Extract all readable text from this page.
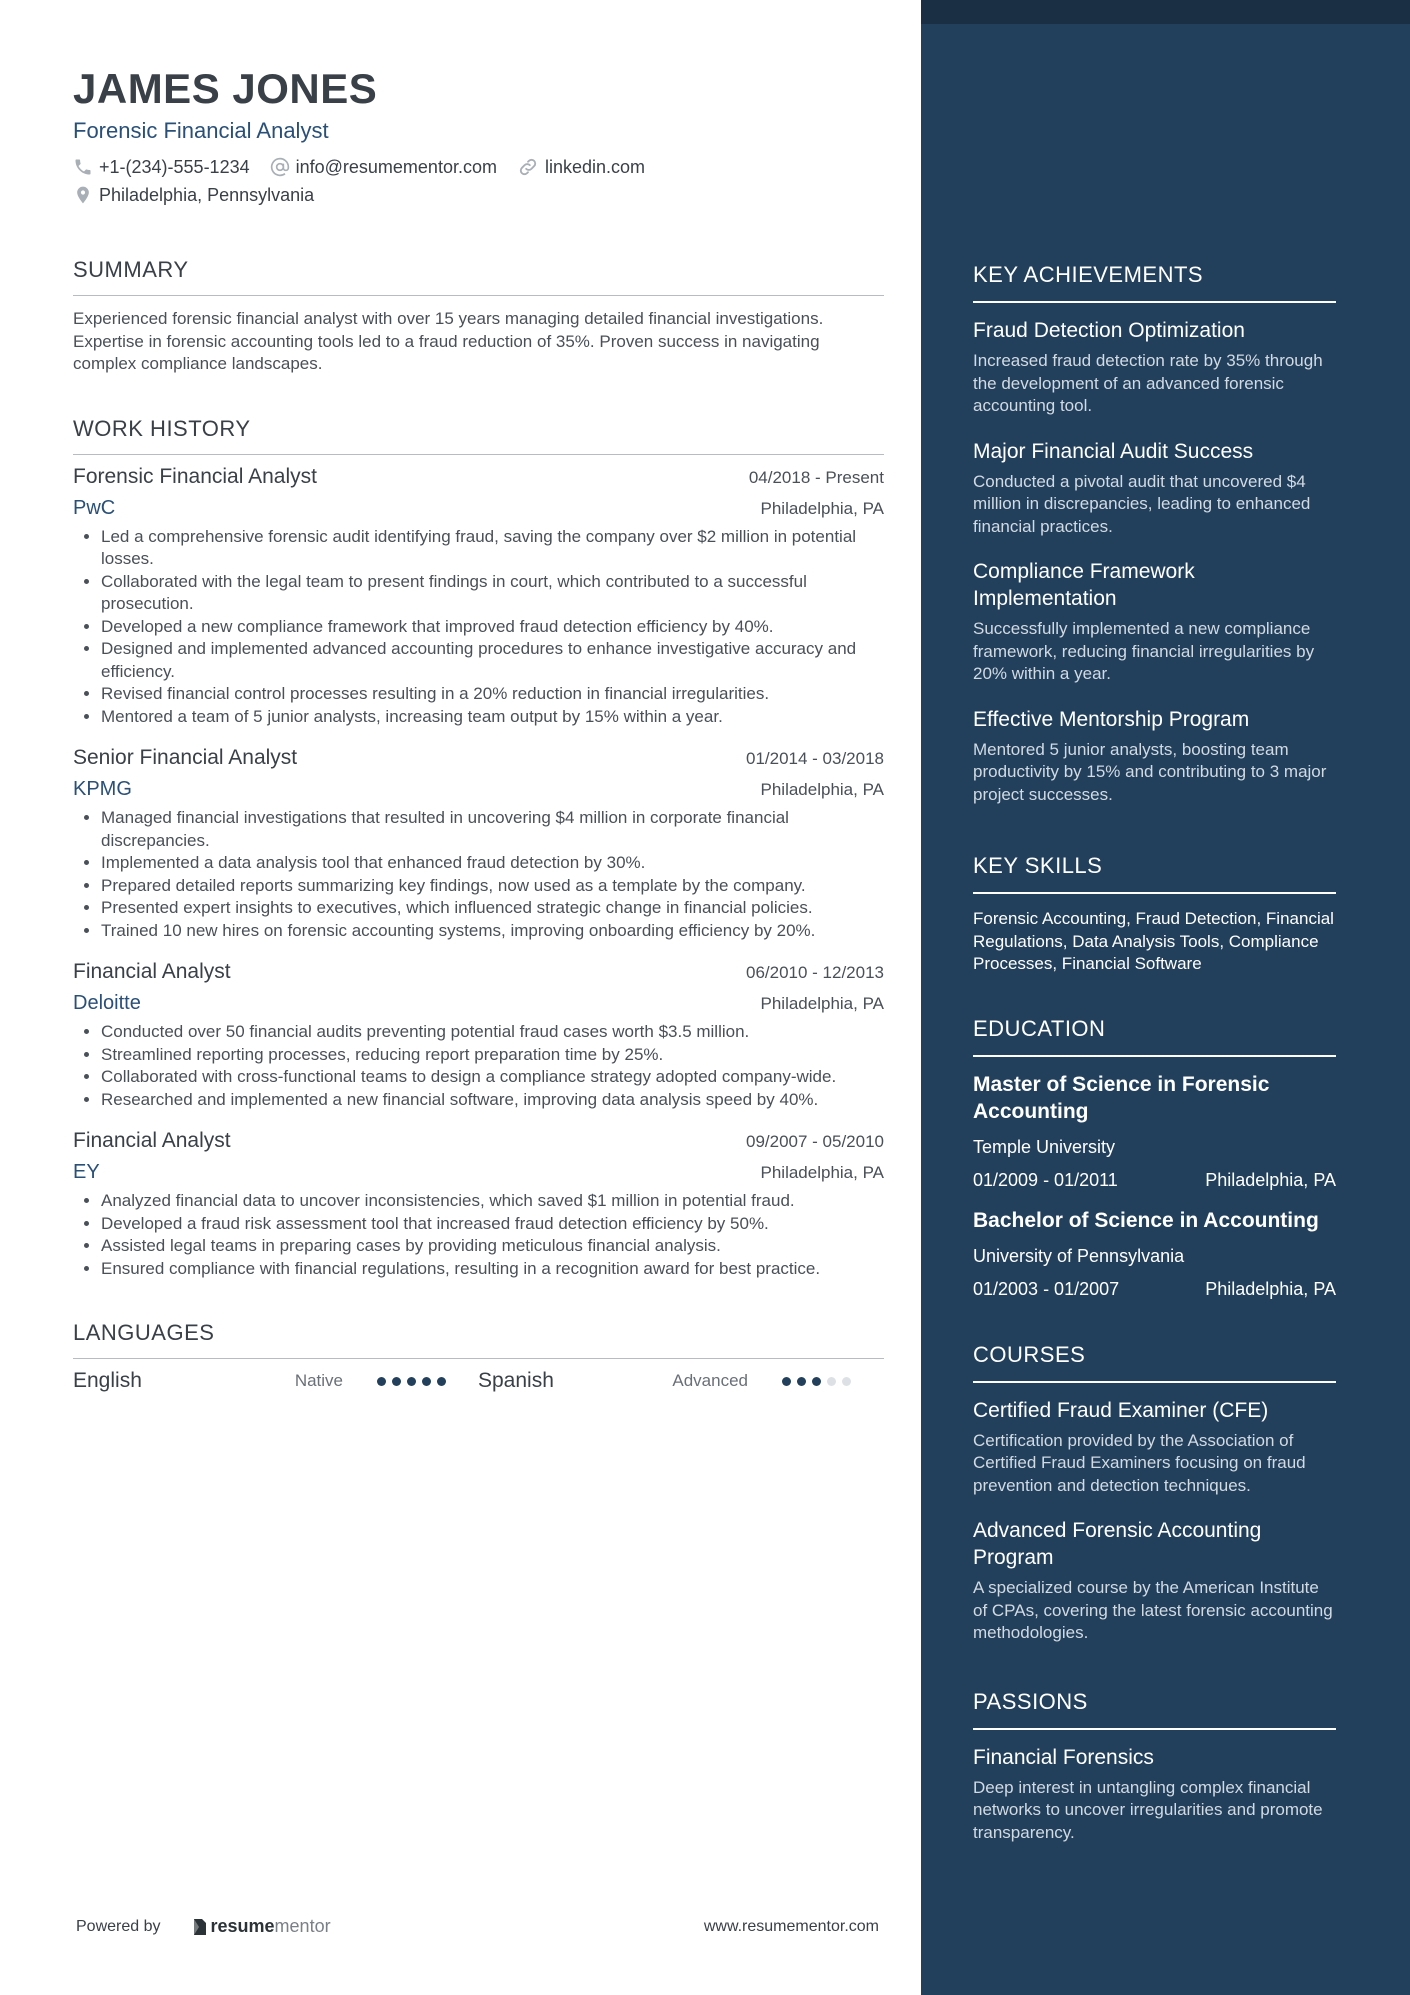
JAMES JONES
Forensic Financial Analyst
+1-(234)-555-1234	info@resumementor.com	linkedin.com
Philadelphia, Pennsylvania
SUMMARY
Experienced forensic financial analyst with over 15 years managing detailed financial investigations. Expertise in forensic accounting tools led to a fraud reduction of 35%. Proven success in navigating complex compliance landscapes.
WORK HISTORY
Forensic Financial Analyst	04/2018 - Present
PwC	Philadelphia, PA
• Led a comprehensive forensic audit identifying fraud, saving the company over $2 million in potential losses.
• Collaborated with the legal team to present findings in court, which contributed to a successful prosecution.
• Developed a new compliance framework that improved fraud detection efficiency by 40%.
• Designed and implemented advanced accounting procedures to enhance investigative accuracy and efficiency.
• Revised financial control processes resulting in a 20% reduction in financial irregularities.
• Mentored a team of 5 junior analysts, increasing team output by 15% within a year.
Senior Financial Analyst	01/2014 - 03/2018
KPMG	Philadelphia, PA
• Managed financial investigations that resulted in uncovering $4 million in corporate financial discrepancies.
• Implemented a data analysis tool that enhanced fraud detection by 30%.
• Prepared detailed reports summarizing key findings, now used as a template by the company.
• Presented expert insights to executives, which influenced strategic change in financial policies.
• Trained 10 new hires on forensic accounting systems, improving onboarding efficiency by 20%.
Financial Analyst	06/2010 - 12/2013
Deloitte	Philadelphia, PA
• Conducted over 50 financial audits preventing potential fraud cases worth $3.5 million.
• Streamlined reporting processes, reducing report preparation time by 25%.
• Collaborated with cross-functional teams to design a compliance strategy adopted company-wide.
• Researched and implemented a new financial software, improving data analysis speed by 40%.
Financial Analyst	09/2007 - 05/2010
EY	Philadelphia, PA
• Analyzed financial data to uncover inconsistencies, which saved $1 million in potential fraud.
• Developed a fraud risk assessment tool that increased fraud detection efficiency by 50%.
• Assisted legal teams in preparing cases by providing meticulous financial analysis.
• Ensured compliance with financial regulations, resulting in a recognition award for best practice.
LANGUAGES
English	Native	Spanish	Advanced
Powered by	resume mentor	www.resumementor.com
KEY ACHIEVEMENTS
Fraud Detection Optimization
Increased fraud detection rate by 35% through the development of an advanced forensic accounting tool.
Major Financial Audit Success
Conducted a pivotal audit that uncovered $4 million in discrepancies, leading to enhanced financial practices.
Compliance Framework Implementation
Successfully implemented a new compliance framework, reducing financial irregularities by 20% within a year.
Effective Mentorship Program
Mentored 5 junior analysts, boosting team productivity by 15% and contributing to 3 major project successes.
KEY SKILLS
Forensic Accounting, Fraud Detection, Financial Regulations, Data Analysis Tools, Compliance Processes, Financial Software
EDUCATION
Master of Science in Forensic Accounting
Temple University
01/2009 - 01/2011	Philadelphia, PA
Bachelor of Science in Accounting
University of Pennsylvania
01/2003 - 01/2007	Philadelphia, PA
COURSES
Certified Fraud Examiner (CFE)
Certification provided by the Association of Certified Fraud Examiners focusing on fraud prevention and detection techniques.
Advanced Forensic Accounting Program
A specialized course by the American Institute of CPAs, covering the latest forensic accounting methodologies.
PASSIONS
Financial Forensics
Deep interest in untangling complex financial networks to uncover irregularities and promote transparency.
